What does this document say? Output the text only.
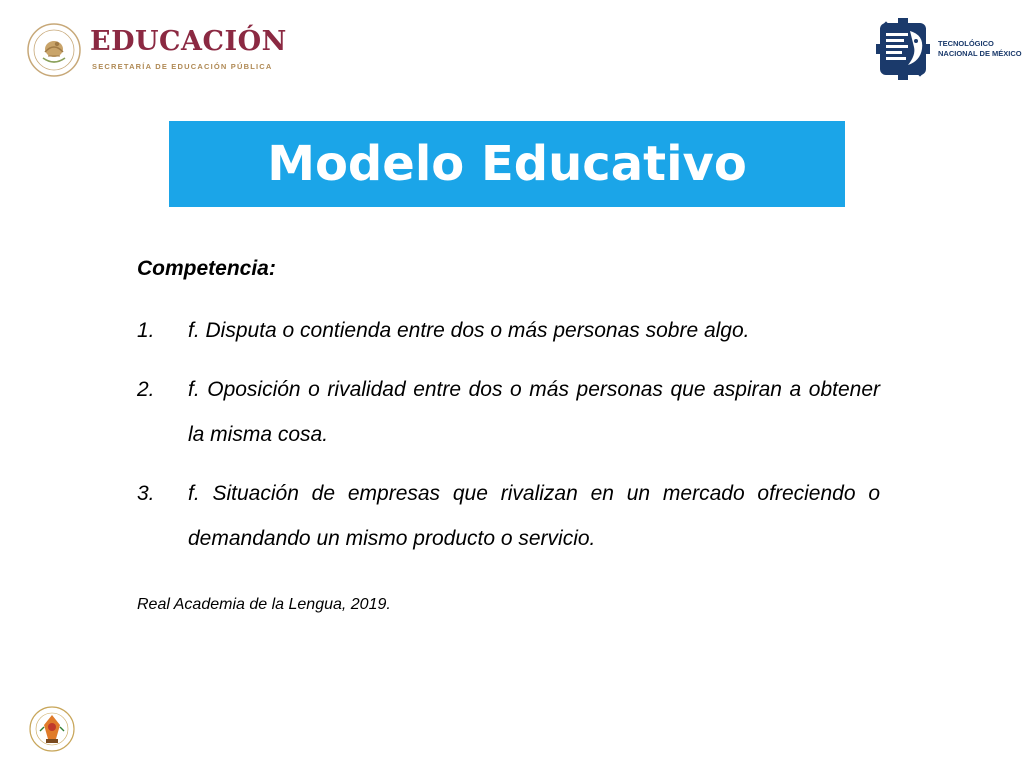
EDUCACIÓN
SECRETARÍA DE EDUCACIÓN PÚBLICA
TECNOLÓGICO
NACIONAL DE MÉXICO
Modelo Educativo
Competencia:
1. f. Disputa o contienda entre dos o más personas sobre algo.
2. f. Oposición o rivalidad entre dos o más personas que aspiran a obtener la misma cosa.
3. f. Situación de empresas que rivalizan en un mercado ofreciendo o demandando un mismo producto o servicio.
Real Academia de la Lengua, 2019.
